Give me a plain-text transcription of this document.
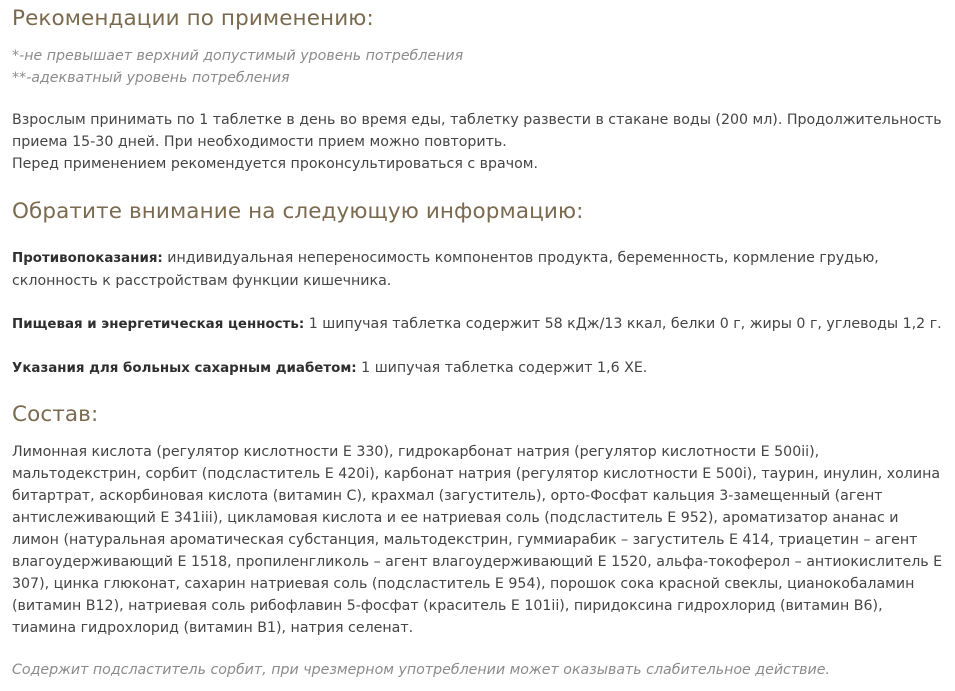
Рекомендации по применению:
*-не превышает верхний допустимый уровень потребления
**-адекватный уровень потребления
Взрослым принимать по 1 таблетке в день во время еды, таблетку развести в стакане воды (200 мл). Продолжительность приема 15-30 дней. При необходимости прием можно повторить.
Перед применением рекомендуется проконсультироваться с врачом.
Обратите внимание на следующую информацию:
Противопоказания: индивидуальная непереносимость компонентов продукта, беременность, кормление грудью, склонность к расстройствам функции кишечника.
Пищевая и энергетическая ценность: 1 шипучая таблетка содержит 58 кДж/13 ккал, белки 0 г, жиры 0 г, углеводы 1,2 г.
Указания для больных сахарным диабетом: 1 шипучая таблетка содержит 1,6 ХЕ.
Состав:
Лимонная кислота (регулятор кислотности Е 330), гидрокарбонат натрия (регулятор кислотности Е 500ii), мальтодекстрин, сорбит (подсластитель Е 420i), карбонат натрия (регулятор кислотности Е 500i), таурин, инулин, холина битартрат, аскорбиновая кислота (витамин С), крахмал (загуститель), орто-Фосфат кальция 3-замещенный (агент антислеживающий Е 341iii), цикламовая кислота и ее натриевая соль (подсластитель Е 952), ароматизатор ананас и лимон (натуральная ароматическая субстанция, мальтодекстрин, гуммиарабик – загуститель Е 414, триацетин – агент влагоудерживающий Е 1518, пропиленгликоль – агент влагоудерживающий Е 1520, альфа-токоферол – антиокислитель Е 307), цинка глюконат, сахарин натриевая соль (подсластитель Е 954), порошок сока красной свеклы, цианокобаламин (витамин В12), натриевая соль рибофлавин 5-фосфат (краситель Е 101ii), пиридоксина гидрохлорид (витамин В6), тиамина гидрохлорид (витамин В1), натрия селенат.
Содержит подсластитель сорбит, при чрезмерном употреблении может оказывать слабительное действие.
